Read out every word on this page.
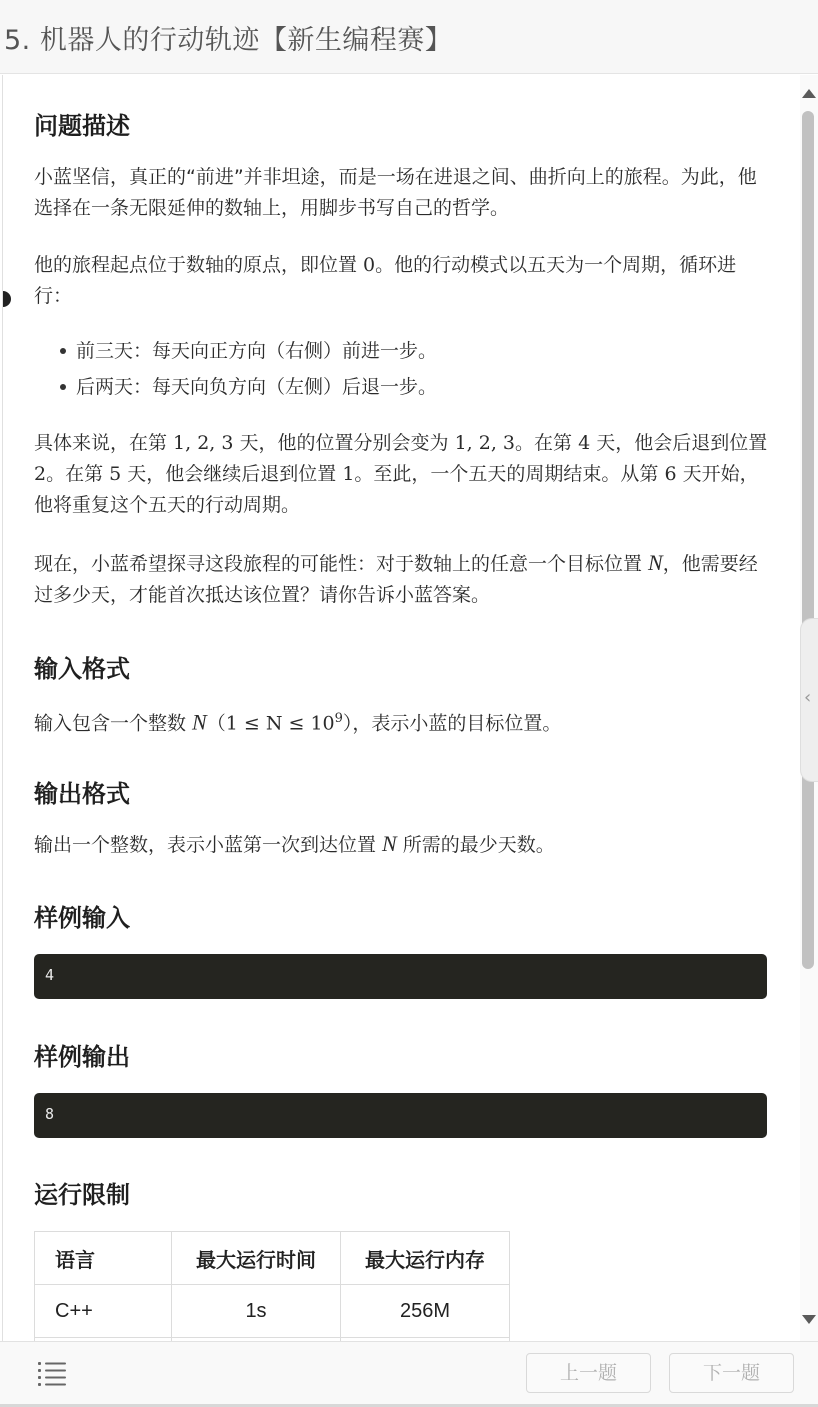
5. 机器人的行动轨迹【新生编程赛】
问题描述

小蓝坚信，真正的“前进”并非坦途，而是一场在进退之间、曲折向上的旅程。为此，他选择在一条无限延伸的数轴上，用脚步书写自己的哲学。

他的旅程起点位于数轴的原点，即位置 0。他的行动模式以五天为一个周期，循环进行：

前三天：每天向正方向（右侧）前进一步。
后两天：每天向负方向（左侧）后退一步。

具体来说，在第 1, 2, 3 天，他的位置分别会变为 1, 2, 3。在第 4 天，他会后退到位置 2。在第 5 天，他会继续后退到位置 1。至此，一个五天的周期结束。从第 6 天开始，他将重复这个五天的行动周期。

现在，小蓝希望探寻这段旅程的可能性：对于数轴上的任意一个目标位置 N，他需要经过多少天，才能首次抵达该位置？请你告诉小蓝答案。

输入格式

输入包含一个整数 $N(1 \le N \le 10^9)$，表示小蓝的目标位置。

输出格式

输出一个整数，表示小蓝第一次到达位置 N 所需的最少天数。

样例输入
4
样例输出
8
运行限制
语言	最大运行时间	最大运行内存
C++	1s	256M

‹
上一题	下一题
